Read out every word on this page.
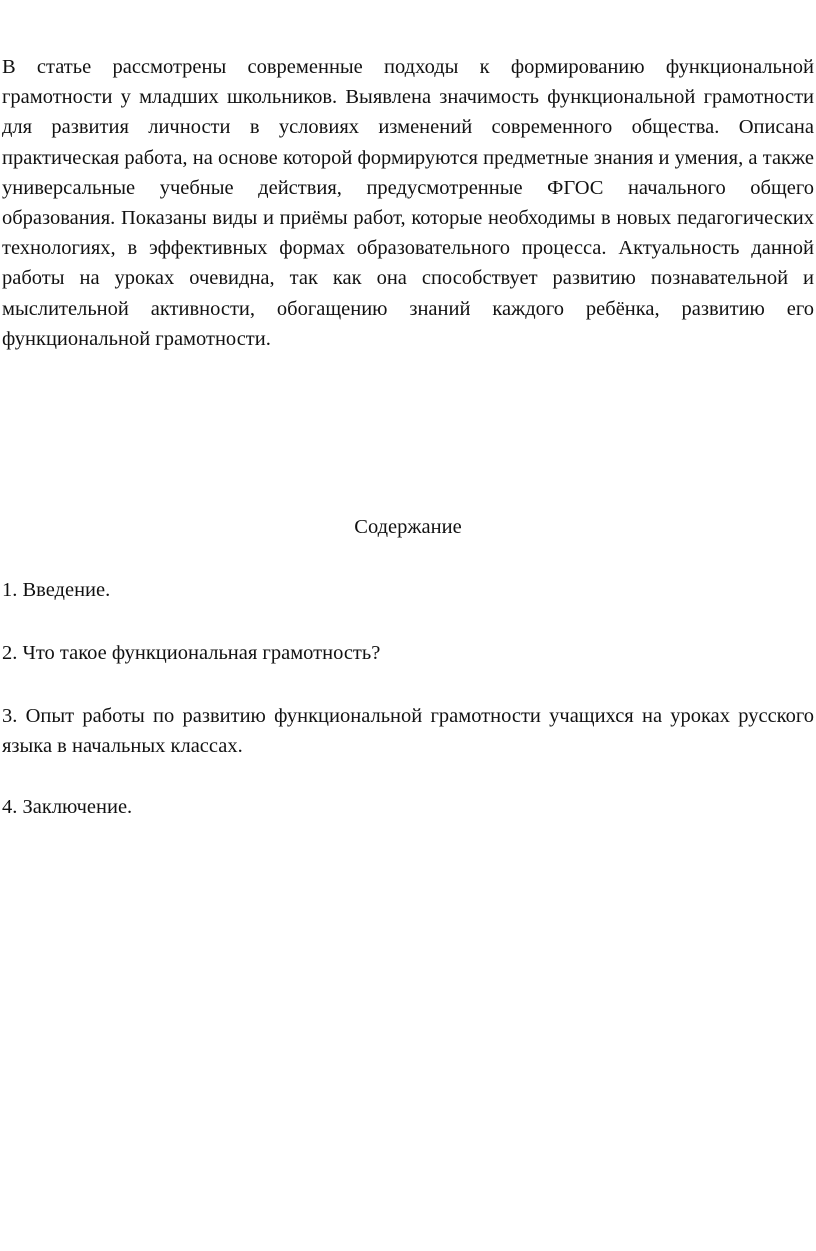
В статье рассмотрены современные подходы к формированию функциональной грамотности у младших школьников. Выявлена значимость функциональной грамотности для развития личности в условиях изменений современного общества. Описана практическая работа, на основе которой формируются предметные знания и умения, а также универсальные учебные действия, предусмотренные ФГОС начального общего образования. Показаны виды и приёмы работ, которые необходимы в новых педагогических технологиях, в эффективных формах образовательного процесса. Актуальность данной работы на уроках очевидна, так как она способствует развитию познавательной и мыслительной активности, обогащению знаний каждого ребёнка, развитию его функциональной грамотности.

Содержание

1. Введение.

2. Что такое функциональная грамотность?

3. Опыт работы по развитию функциональной грамотности учащихся на уроках русского языка в начальных классах.

4. Заключение.
